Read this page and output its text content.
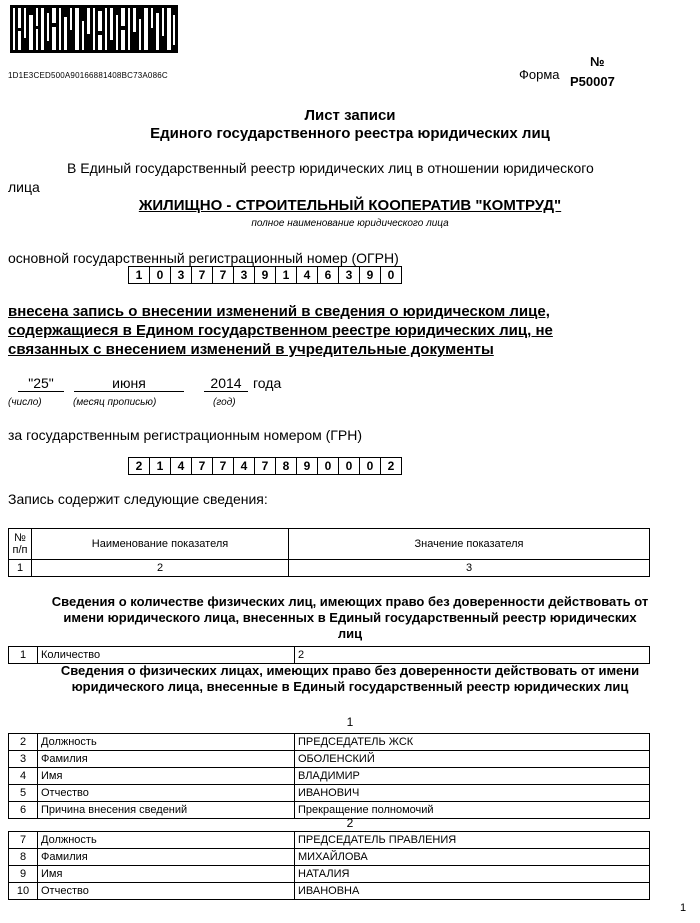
1D1E3CED500A90166881408BC73A086C	Форма
№
Р50007
Лист записи
Единого государственного реестра юридических лиц
В Единый государственный реестр юридических лиц в отношении юридического
лица
ЖИЛИЩНО - СТРОИТЕЛЬНЫЙ КООПЕРАТИВ "КОМТРУД"
полное наименование юридического лица
основной государственный регистрационный номер (ОГРН)
1	0	3	7	7	3	9	1	4	6	3	9	0
внесена запись о внесении изменений в сведения о юридическом лице, содержащиеся в Едином государственном реестре юридических лиц, не связанных с внесением изменений в учредительные документы
"25"	июня	2014 года
(число)	(месяц прописью)	(год)
за государственным регистрационным номером (ГРН)
2	1	4	7	7	4	7	8	9	0	0	0	2
Запись содержит следующие сведения:
№ п/п	Наименование показателя	Значение показателя
1	2	3
Сведения о количестве физических лиц, имеющих право без доверенности действовать от имени юридического лица, внесенных в Единый государственный реестр юридических лиц
1	Количество	2
Сведения о физических лицах, имеющих право без доверенности действовать от имени юридического лица, внесенные в Единый государственный реестр юридических лиц
1
2	Должность	ПРЕДСЕДАТЕЛЬ ЖСК
3	Фамилия	ОБОЛЕНСКИЙ
4	Имя	ВЛАДИМИР
5	Отчество	ИВАНОВИЧ
6	Причина внесения сведений	Прекращение полномочий
2
7	Должность	ПРЕДСЕДАТЕЛЬ ПРАВЛЕНИЯ
8	Фамилия	МИХАЙЛОВА
9	Имя	НАТАЛИЯ
10	Отчество	ИВАНОВНА
1
